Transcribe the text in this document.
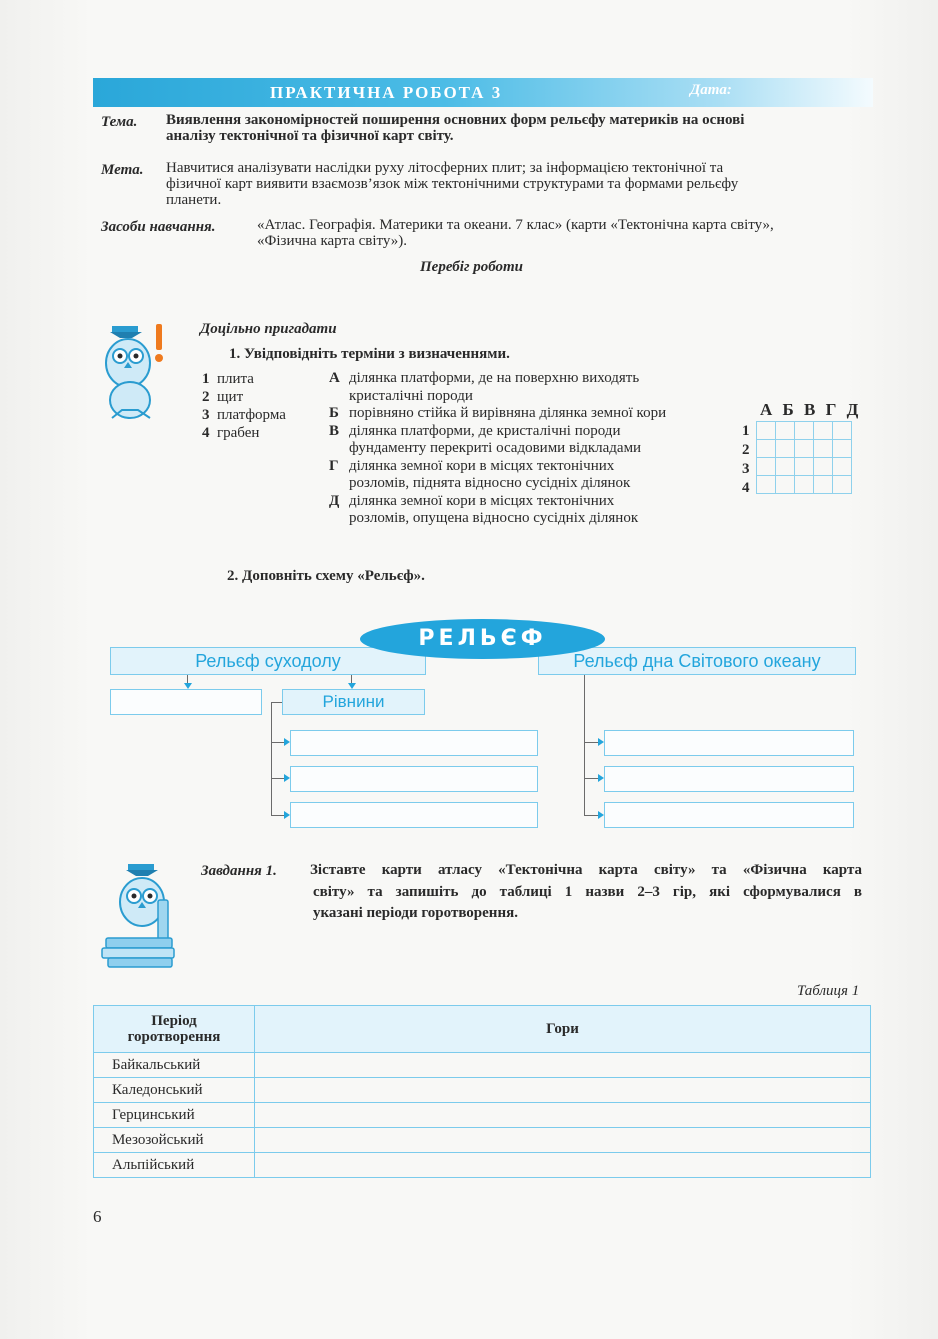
ПРАКТИЧНА РОБОТА 3	Дата:
Тема. Виявлення закономірностей поширення основних форм рельєфу материків на основі
аналізу тектонічної та фізичної карт світу.
Мета. Навчитися аналізувати наслідки руху літосферних плит; за інформацією тектонічної та
фізичної карт виявити взаємозв’язок між тектонічними структурами та формами рельєфу
планети.
Засоби навчання.	«Атлас. Географія. Материки та океани. 7 клас» (карти «Тектонічна карта світу»,
«Фізична карта світу»).
Перебіг роботи
Доцільно пригадати
1. Увідповідніть терміни з визначеннями.
1 плита
2 щит
3 платформа
4 грабен
А ділянка платформи, де на поверхню виходять
кристалічні породи
Б порівняно стійка й вирівняна ділянка земної кори
В ділянка платформи, де кристалічні породи
фундаменту перекриті осадовими відкладами
Г ділянка земної кори в місцях тектонічних
розломів, піднята відносно сусідніх ділянок
Д ділянка земної кори в місцях тектонічних
розломів, опущена відносно сусідніх ділянок
А Б В Г Д
1
2
3
4

2. Доповніть схему «Рельєф».
Рельєф суходолу	Рельєф дна Світового океану
РЕЛЬЄФ
Рівнини
Завдання 1. Зіставте карти атласу «Тектонічна карта світу» та «Фізична карта
світу» та запишіть до таблиці 1 назви 2–3 гір, які сформувалися в
указані періоди горотворення.
Таблиця 1
Період
горотворення	Гори
Байкальський	
Каледонський	
Герцинський	
Мезозойський	
Альпійський	
6
